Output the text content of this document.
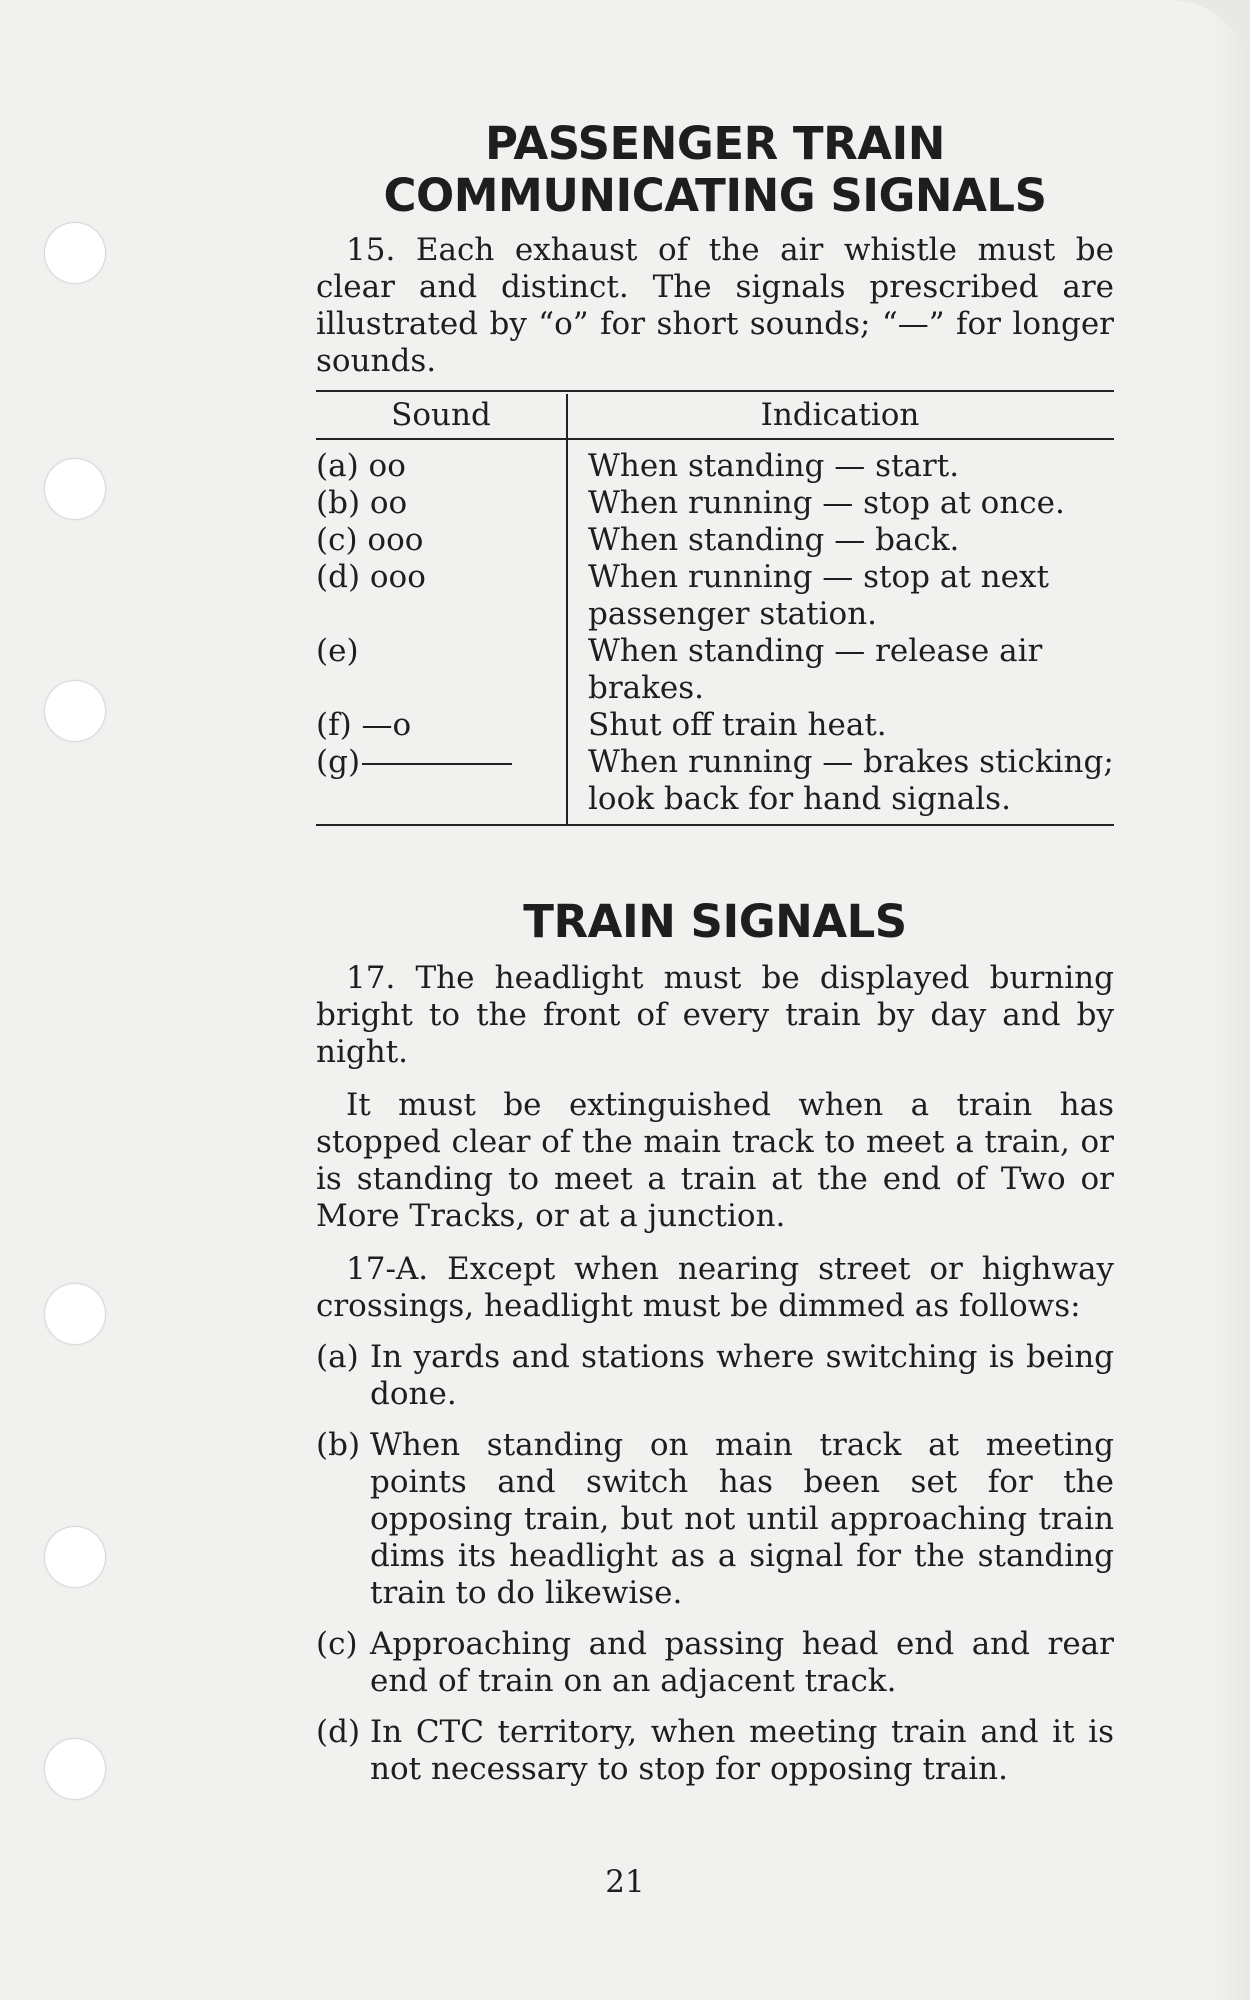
PASSENGER TRAIN
COMMUNICATING SIGNALS

15. Each exhaust of the air whistle must be clear and distinct. The signals prescribed are illustrated by “o” for short sounds; “—” for longer sounds.

Sound	Indication
(a) oo	When standing — start.
(b) oo	When running — stop at once.
(c) ooo	When standing — back.
(d) ooo	When running — stop at next passenger station.
(e)	When standing — release air brakes.
(f) —o	Shut off train heat.
(g)	When running — brakes sticking; look back for hand signals.
TRAIN SIGNALS

17. The headlight must be displayed burning bright to the front of every train by day and by night.

It must be extinguished when a train has stopped clear of the main track to meet a train, or is standing to meet a train at the end of Two or More Tracks, or at a junction.

17-A. Except when nearing street or highway crossings, headlight must be dimmed as follows:

(a) In yards and stations where switching is being done.
(b) When standing on main track at meeting points and switch has been set for the opposing train, but not until approaching train dims its headlight as a signal for the standing train to do likewise.
(c) Approaching and passing head end and rear end of train on an adjacent track.
(d) In CTC territory, when meeting train and it is not necessary to stop for opposing train.
21
